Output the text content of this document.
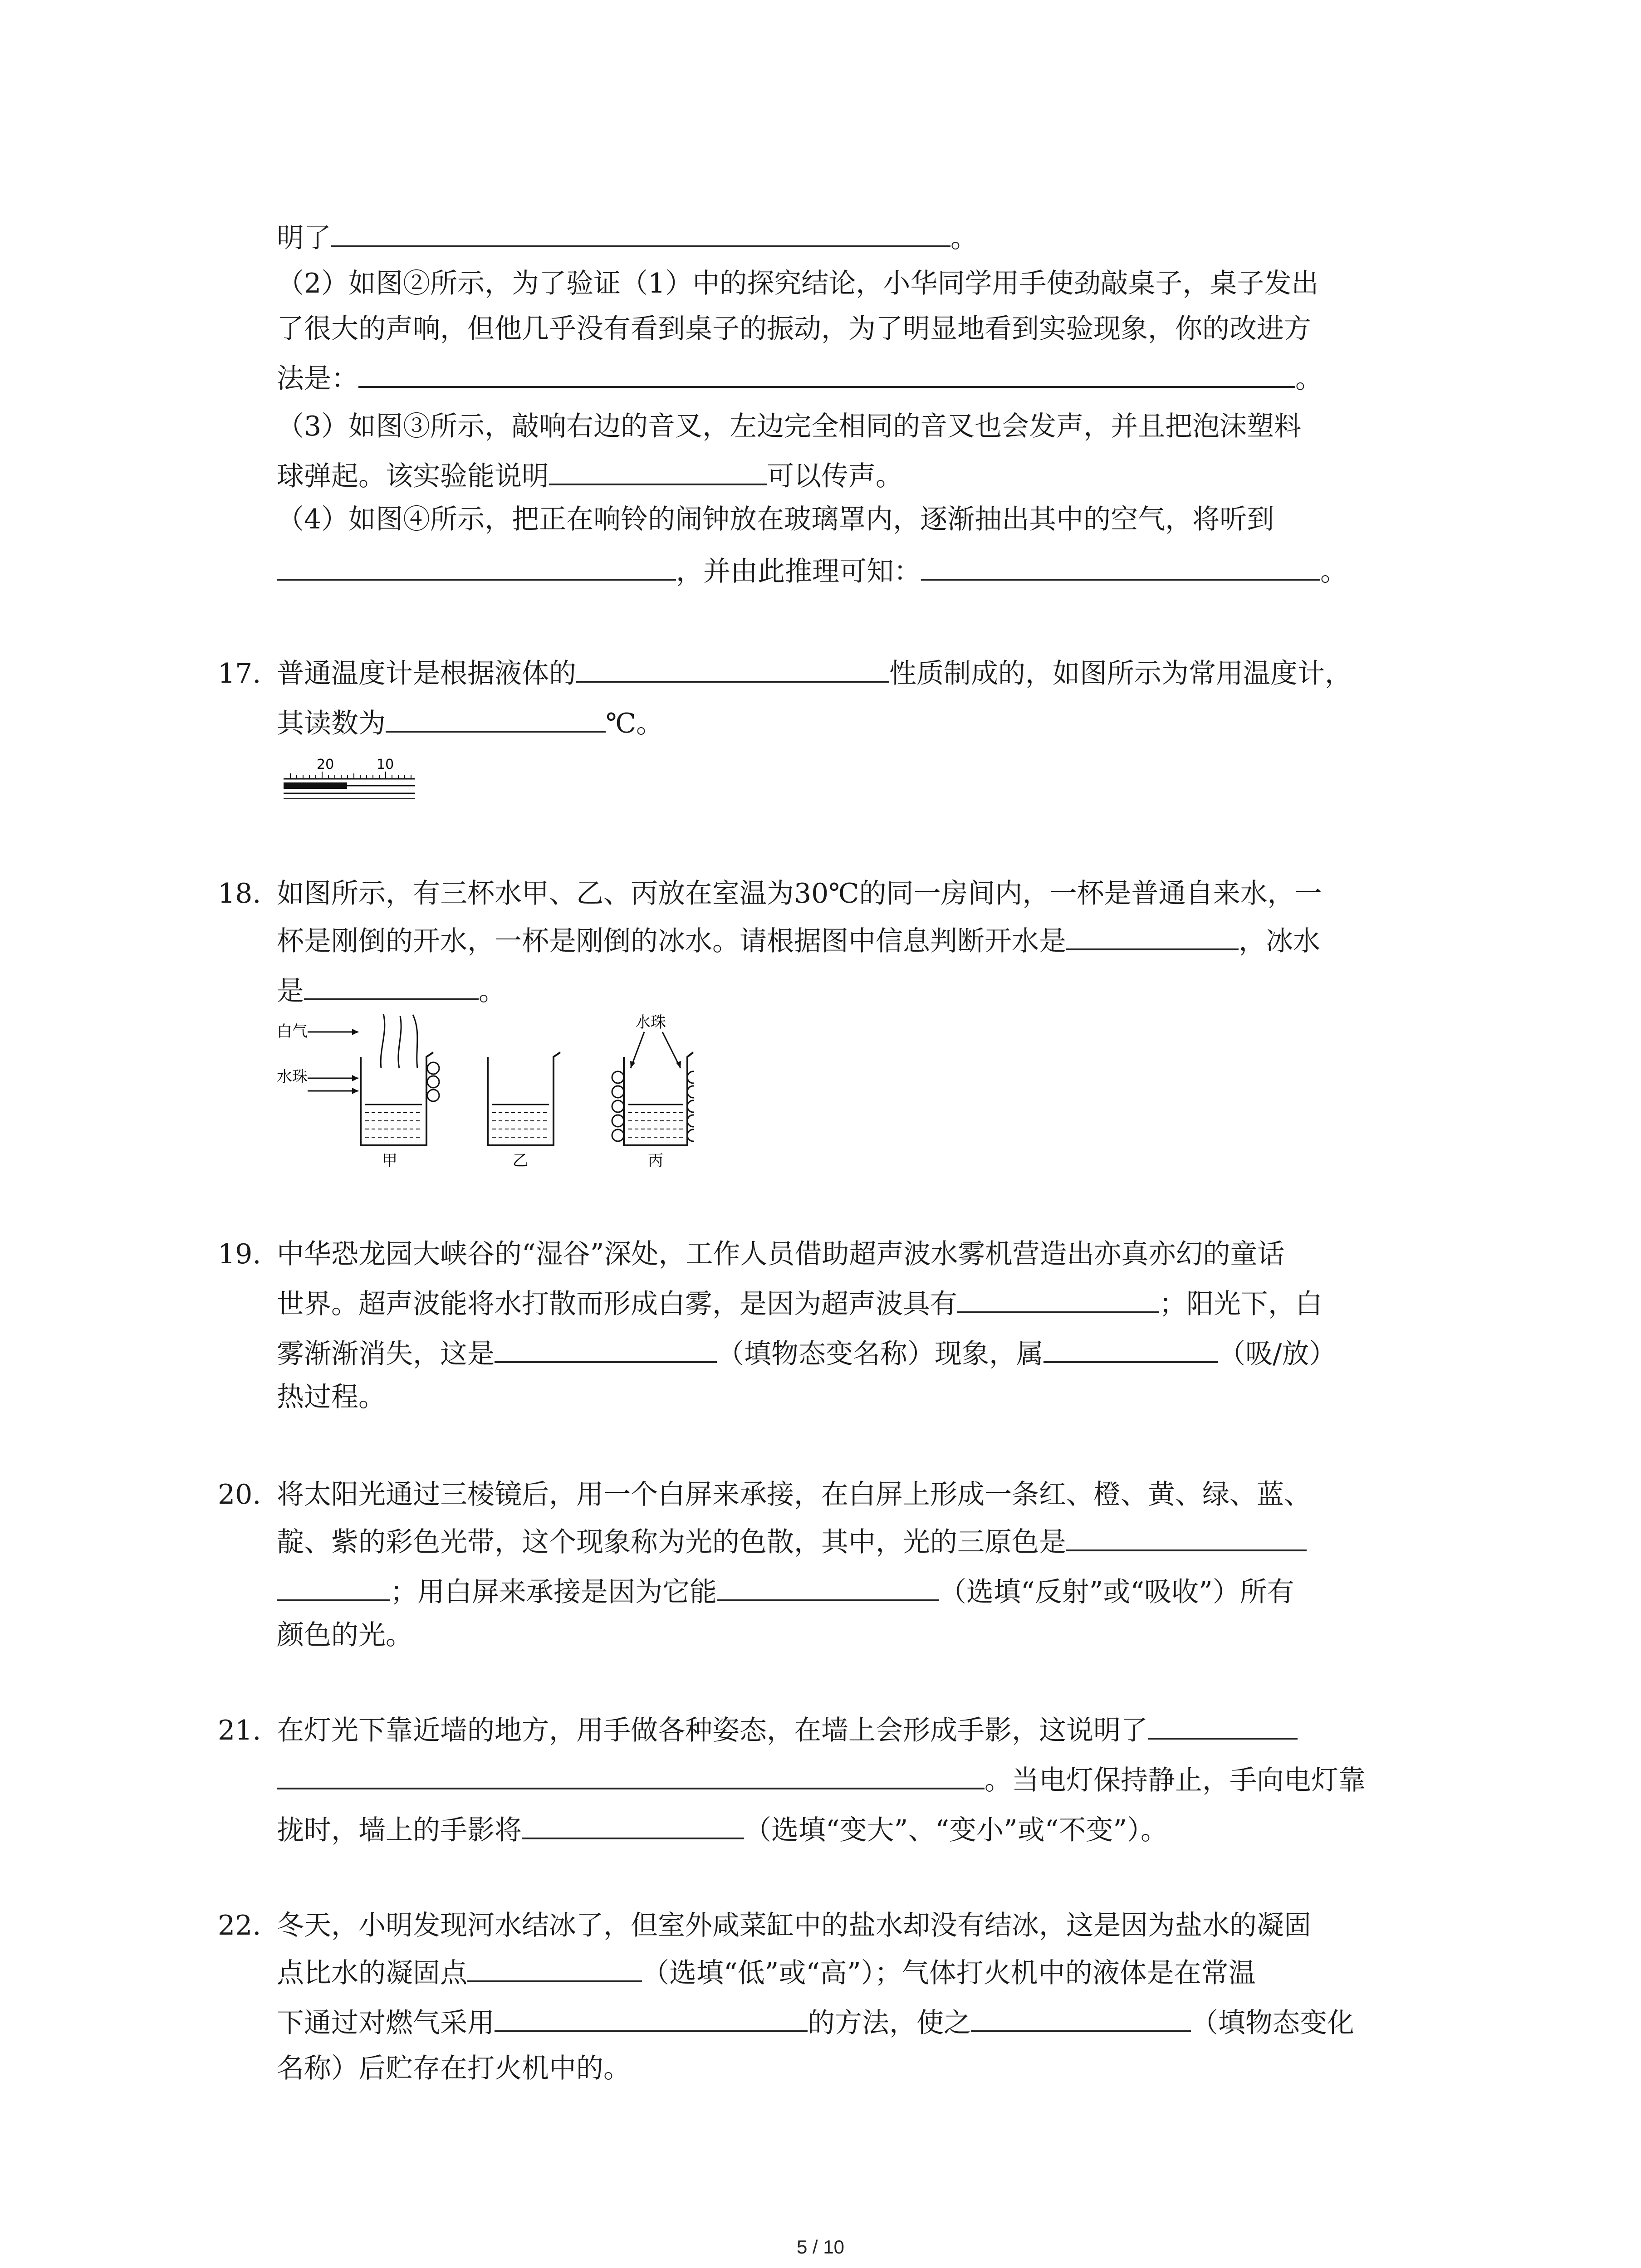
明了	。
（2）如图②所示，为了验证（1）中的探究结论，小华同学用手使劲敲桌子，桌子发出
了很大的声响，但他几乎没有看到桌子的振动，为了明显地看到实验现象，你的改进方
法是：	。
（3）如图③所示，敲响右边的音叉，左边完全相同的音叉也会发声，并且把泡沫塑料
球弹起。该实验能说明	可以传声。
（4）如图④所示，把正在响铃的闹钟放在玻璃罩内，逐渐抽出其中的空气，将听到
，并由此推理可知：	。
17. 普通温度计是根据液体的	性质制成的，如图所示为常用温度计，
其读数为	℃。
20	10
18. 如图所示，有三杯水甲、乙、丙放在室温为30℃的同一房间内，一杯是普通自来水，一
杯是刚倒的开水，一杯是刚倒的冰水。请根据图中信息判断开水是	，冰水
是	。
白气
水珠
甲	乙
水珠
丙
19. 中华恐龙园大峡谷的“湿谷”深处，工作人员借助超声波水雾机营造出亦真亦幻的童话
世界。超声波能将水打散而形成白雾，是因为超声波具有	；阳光下，白
雾渐渐消失，这是	（填物态变名称）现象，属	（吸/放）
热过程。
20. 将太阳光通过三棱镜后，用一个白屏来承接，在白屏上形成一条红、橙、黄、绿、蓝、
靛、紫的彩色光带，这个现象称为光的色散，其中，光的三原色是
；用白屏来承接是因为它能	（选填“反射”或“吸收”）所有
颜色的光。
21. 在灯光下靠近墙的地方，用手做各种姿态，在墙上会形成手影，这说明了
。当电灯保持静止，手向电灯靠
拢时，墙上的手影将	（选填“变大”、“变小”或“不变”）。
22. 冬天，小明发现河水结冰了，但室外咸菜缸中的盐水却没有结冰，这是因为盐水的凝固
点比水的凝固点	（选填“低”或“高”）；气体打火机中的液体是在常温
下通过对燃气采用	的方法，使之	（填物态变化
名称）后贮存在打火机中的。
5 / 10
